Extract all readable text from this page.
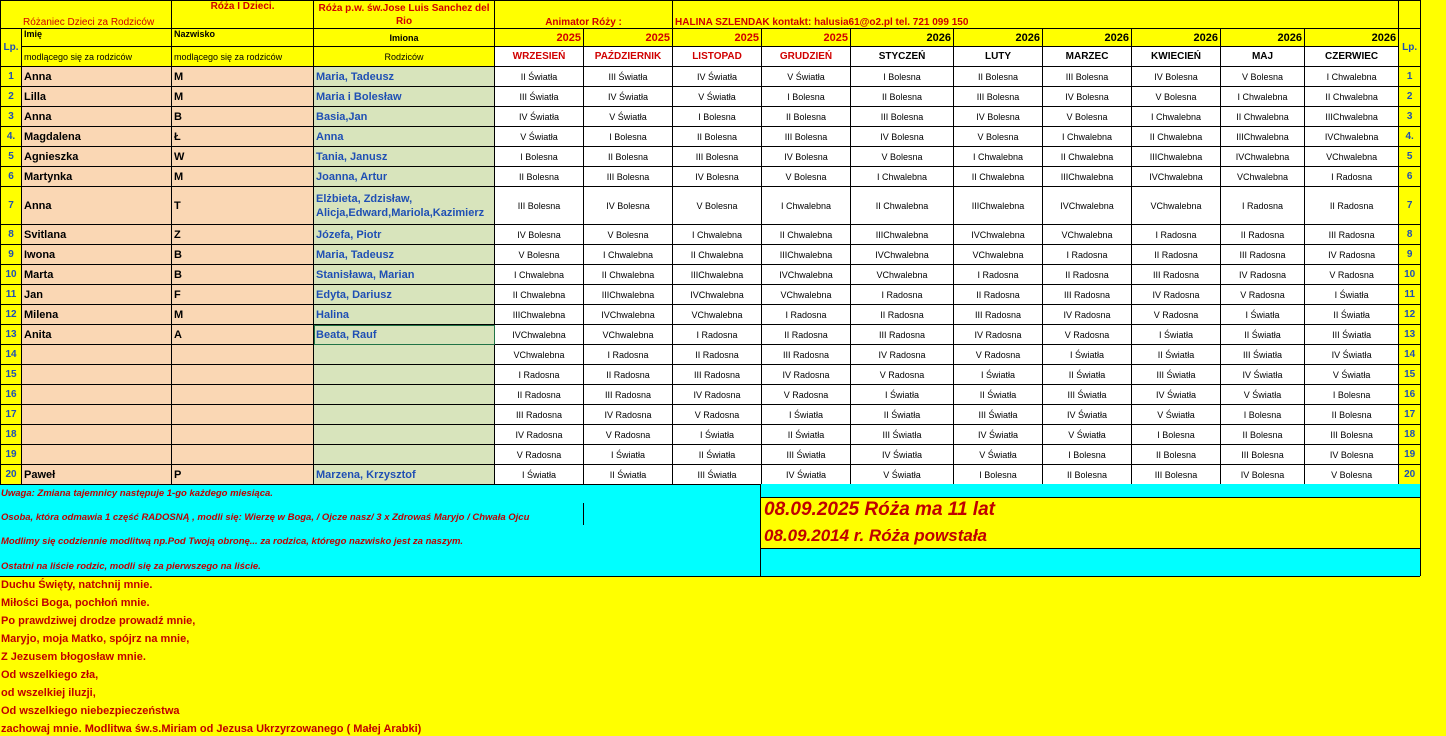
Różaniec Dzieci za Rodziców		Róża I Dzieci.	Róża p.w. św.Jose Luis Sanchez del Rio	Animator Róży :		HALINA SZLENDAK kontakt: halusia61@o2.pl tel. 721 099 150								
Lp.	Imię	Nazwisko	Imiona	2025	2025	2025	2025	2026	2026	2026	2026	2026	2026	Lp.
	modlącego się za rodziców	modlącego się za rodziców	Rodziców	WRZESIEŃ	PAŹDZIERNIK	LISTOPAD	GRUDZIEŃ	STYCZEŃ	LUTY	MARZEC	KWIECIEŃ	MAJ	CZERWIEC	
1	Anna	M	Maria, Tadeusz	II Światła	III Światła	IV Światła	V Światła	I Bolesna	II Bolesna	III Bolesna	IV Bolesna	V Bolesna	I Chwalebna	1
2	Lilla	M	Maria i Bolesław	III Światła	IV Światła	V Światła	I Bolesna	II Bolesna	III Bolesna	IV Bolesna	V Bolesna	I Chwalebna	II Chwalebna	2
3	Anna	B	Basia,Jan	IV Światła	V Światła	I Bolesna	II Bolesna	III Bolesna	IV Bolesna	V Bolesna	I Chwalebna	II Chwalebna	IIIChwalebna	3
4.	Magdalena	Ł	Anna	V Światła	I Bolesna	II Bolesna	III Bolesna	IV Bolesna	V Bolesna	I Chwalebna	II Chwalebna	IIIChwalebna	IVChwalebna	4.
5	Agnieszka	W	Tania, Janusz	I Bolesna	II Bolesna	III Bolesna	IV Bolesna	V Bolesna	I Chwalebna	II Chwalebna	IIIChwalebna	IVChwalebna	VChwalebna	5
6	Martynka	M	Joanna, Artur	II Bolesna	III Bolesna	IV Bolesna	V Bolesna	I Chwalebna	II Chwalebna	IIIChwalebna	IVChwalebna	VChwalebna	I Radosna	6
7	Anna	T	Elżbieta, Zdzisław, Alicja,Edward,Mariola,Kazimierz	III Bolesna	IV Bolesna	V Bolesna	I Chwalebna	II Chwalebna	IIIChwalebna	IVChwalebna	VChwalebna	I Radosna	II Radosna	7
8	Svitlana	Z	Józefa, Piotr	IV Bolesna	V Bolesna	I Chwalebna	II Chwalebna	IIIChwalebna	IVChwalebna	VChwalebna	I Radosna	II Radosna	III Radosna	8
9	Iwona	B	Maria, Tadeusz	V Bolesna	I Chwalebna	II Chwalebna	IIIChwalebna	IVChwalebna	VChwalebna	I Radosna	II Radosna	III Radosna	IV Radosna	9
10	Marta	B	Stanisława, Marian	I Chwalebna	II Chwalebna	IIIChwalebna	IVChwalebna	VChwalebna	I Radosna	II Radosna	III Radosna	IV Radosna	V Radosna	10
11	Jan	F	Edyta, Dariusz	II Chwalebna	IIIChwalebna	IVChwalebna	VChwalebna	I Radosna	II Radosna	III Radosna	IV Radosna	V Radosna	I Światła	11
12	Milena	M	Halina	IIIChwalebna	IVChwalebna	VChwalebna	I Radosna	II Radosna	III Radosna	IV Radosna	V Radosna	I Światła	II Światła	12
13	Anita	A	Beata, Rauf	IVChwalebna	VChwalebna	I Radosna	II Radosna	III Radosna	IV Radosna	V Radosna	I Światła	II Światła	III Światła	13
14				VChwalebna	I Radosna	II Radosna	III Radosna	IV Radosna	V Radosna	I Światła	II Światła	III Światła	IV Światła	14
15				I Radosna	II Radosna	III Radosna	IV Radosna	V Radosna	I Światła	II Światła	III Światła	IV Światła	V Światła	15
16				II Radosna	III Radosna	IV Radosna	V Radosna	I Światła	II Światła	III Światła	IV Światła	V Światła	I Bolesna	16
17				III Radosna	IV Radosna	V Radosna	I Światła	II Światła	III Światła	IV Światła	V Światła	I Bolesna	II Bolesna	17
18				IV Radosna	V Radosna	I Światła	II Światła	III Światła	IV Światła	V Światła	I Bolesna	II Bolesna	III Bolesna	18
19				V Radosna	I Światła	II Światła	III Światła	IV Światła	V Światła	I Bolesna	II Bolesna	III Bolesna	IV Bolesna	19
20	Paweł	P	Marzena, Krzysztof	I Światła	II Światła	III Światła	IV Światła	V Światła	I Bolesna	II Bolesna	III Bolesna	IV Bolesna	V Bolesna	20
Uwaga: Zmiana tajemnicy następuje 1-go każdego miesiąca.
Osoba, która odmawia 1 część RADOSNĄ , modli się: Wierzę w Boga, / Ojcze nasz/ 3 x Zdrowaś Maryjo / Chwała Ojcu
Modlimy się codziennie modlitwą np.Pod Twoją obronę... za rodzica, którego nazwisko jest za naszym.
Ostatni na liście rodzic, modli się za pierwszego na liście.
08.09.2025 Róża ma 11 lat
08.09.2014 r. Róża powstała
Duchu Święty, natchnij mnie.
Miłości Boga, pochłoń mnie.
Po prawdziwej drodze prowadź mnie,
Maryjo, moja Matko, spójrz na mnie,
Z Jezusem błogosław mnie.
Od wszelkiego zła,
od wszelkiej iluzji,
Od wszelkiego niebezpieczeństwa
zachowaj mnie. Modlitwa św.s.Miriam od Jezusa Ukrzyrzowanego ( Małej Arabki)
